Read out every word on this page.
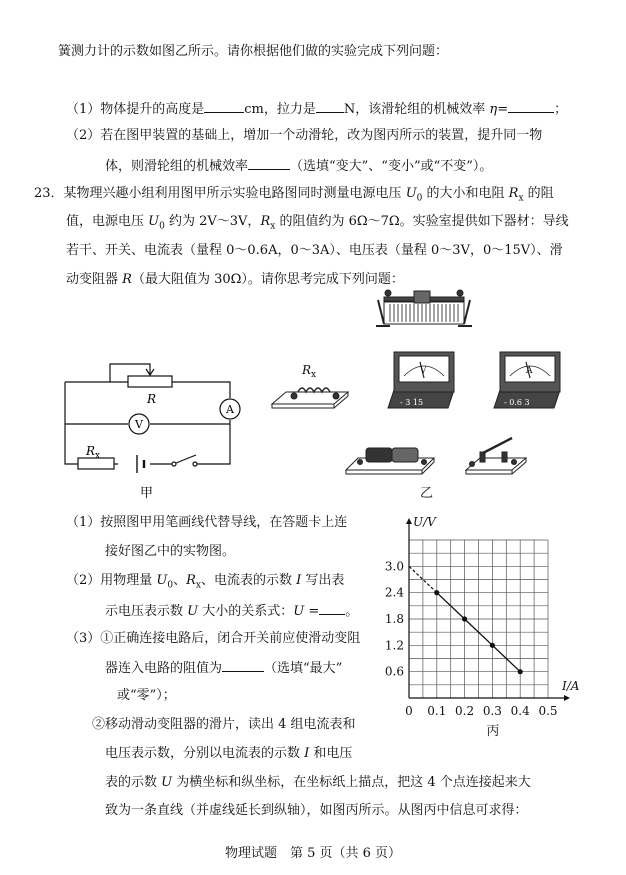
簧测力计的示数如图乙所示。请你根据他们做的实验完成下列问题：
（1）物体提升的高度是	cm，拉力是 N，该滑轮组的机械效率 η=	；
（2）若在图甲装置的基础上，增加一个动滑轮，改为图丙所示的装置，提升同一物
体，则滑轮组的机械效率	（选填“变大”、“变小”或“不变”）。
23．某物理兴趣小组利用图甲所示实验电路图同时测量电源电压 $U_0$ 的大小和电阻 $R_x$ 的阻
值，电源电压 $U_0$ 约为 2V～3V，$R_x$ 的阻值约为 6Ω～7Ω。实验室提供如下器材：导线
若干、开关、电流表（量程 0～0.6A，0～3A）、电压表（量程 0～3V，0～15V）、滑
动变阻器 R（最大阻值为 30Ω）。请你思考完成下列问题：
R
A
V
$R_x$
甲
$R_x$	V
- 3 15
A
- 0.6 3
乙
（1）按照图甲用笔画线代替导线，在答题卡上连
接好图乙中的实物图。
（2）用物理量 $U_0$、$R_x$、电流表的示数 I 写出表
示电压表示数 U 大小的关系式：U = 。
（3）①正确连接电路后，闭合开关前应使滑动变阻
器连入电路的阻值为	（选填“最大”
或“零”）；
②移动滑动变阻器的滑片，读出 4 组电流表和
电压表示数，分别以电流表的示数 I 和电压
表的示数 U 为横坐标和纵坐标，在坐标纸上描点，把这 4 个点连接起来大
致为一条直线（并虚线延长到纵轴），如图丙所示。从图丙中信息可求得：
0 0.1 0.2 0.3 0.4 0.5
0.6
1.2
1.8
2.4
3.0
I/A
U/V
丙
物理试题　第 5 页（共 6 页）
